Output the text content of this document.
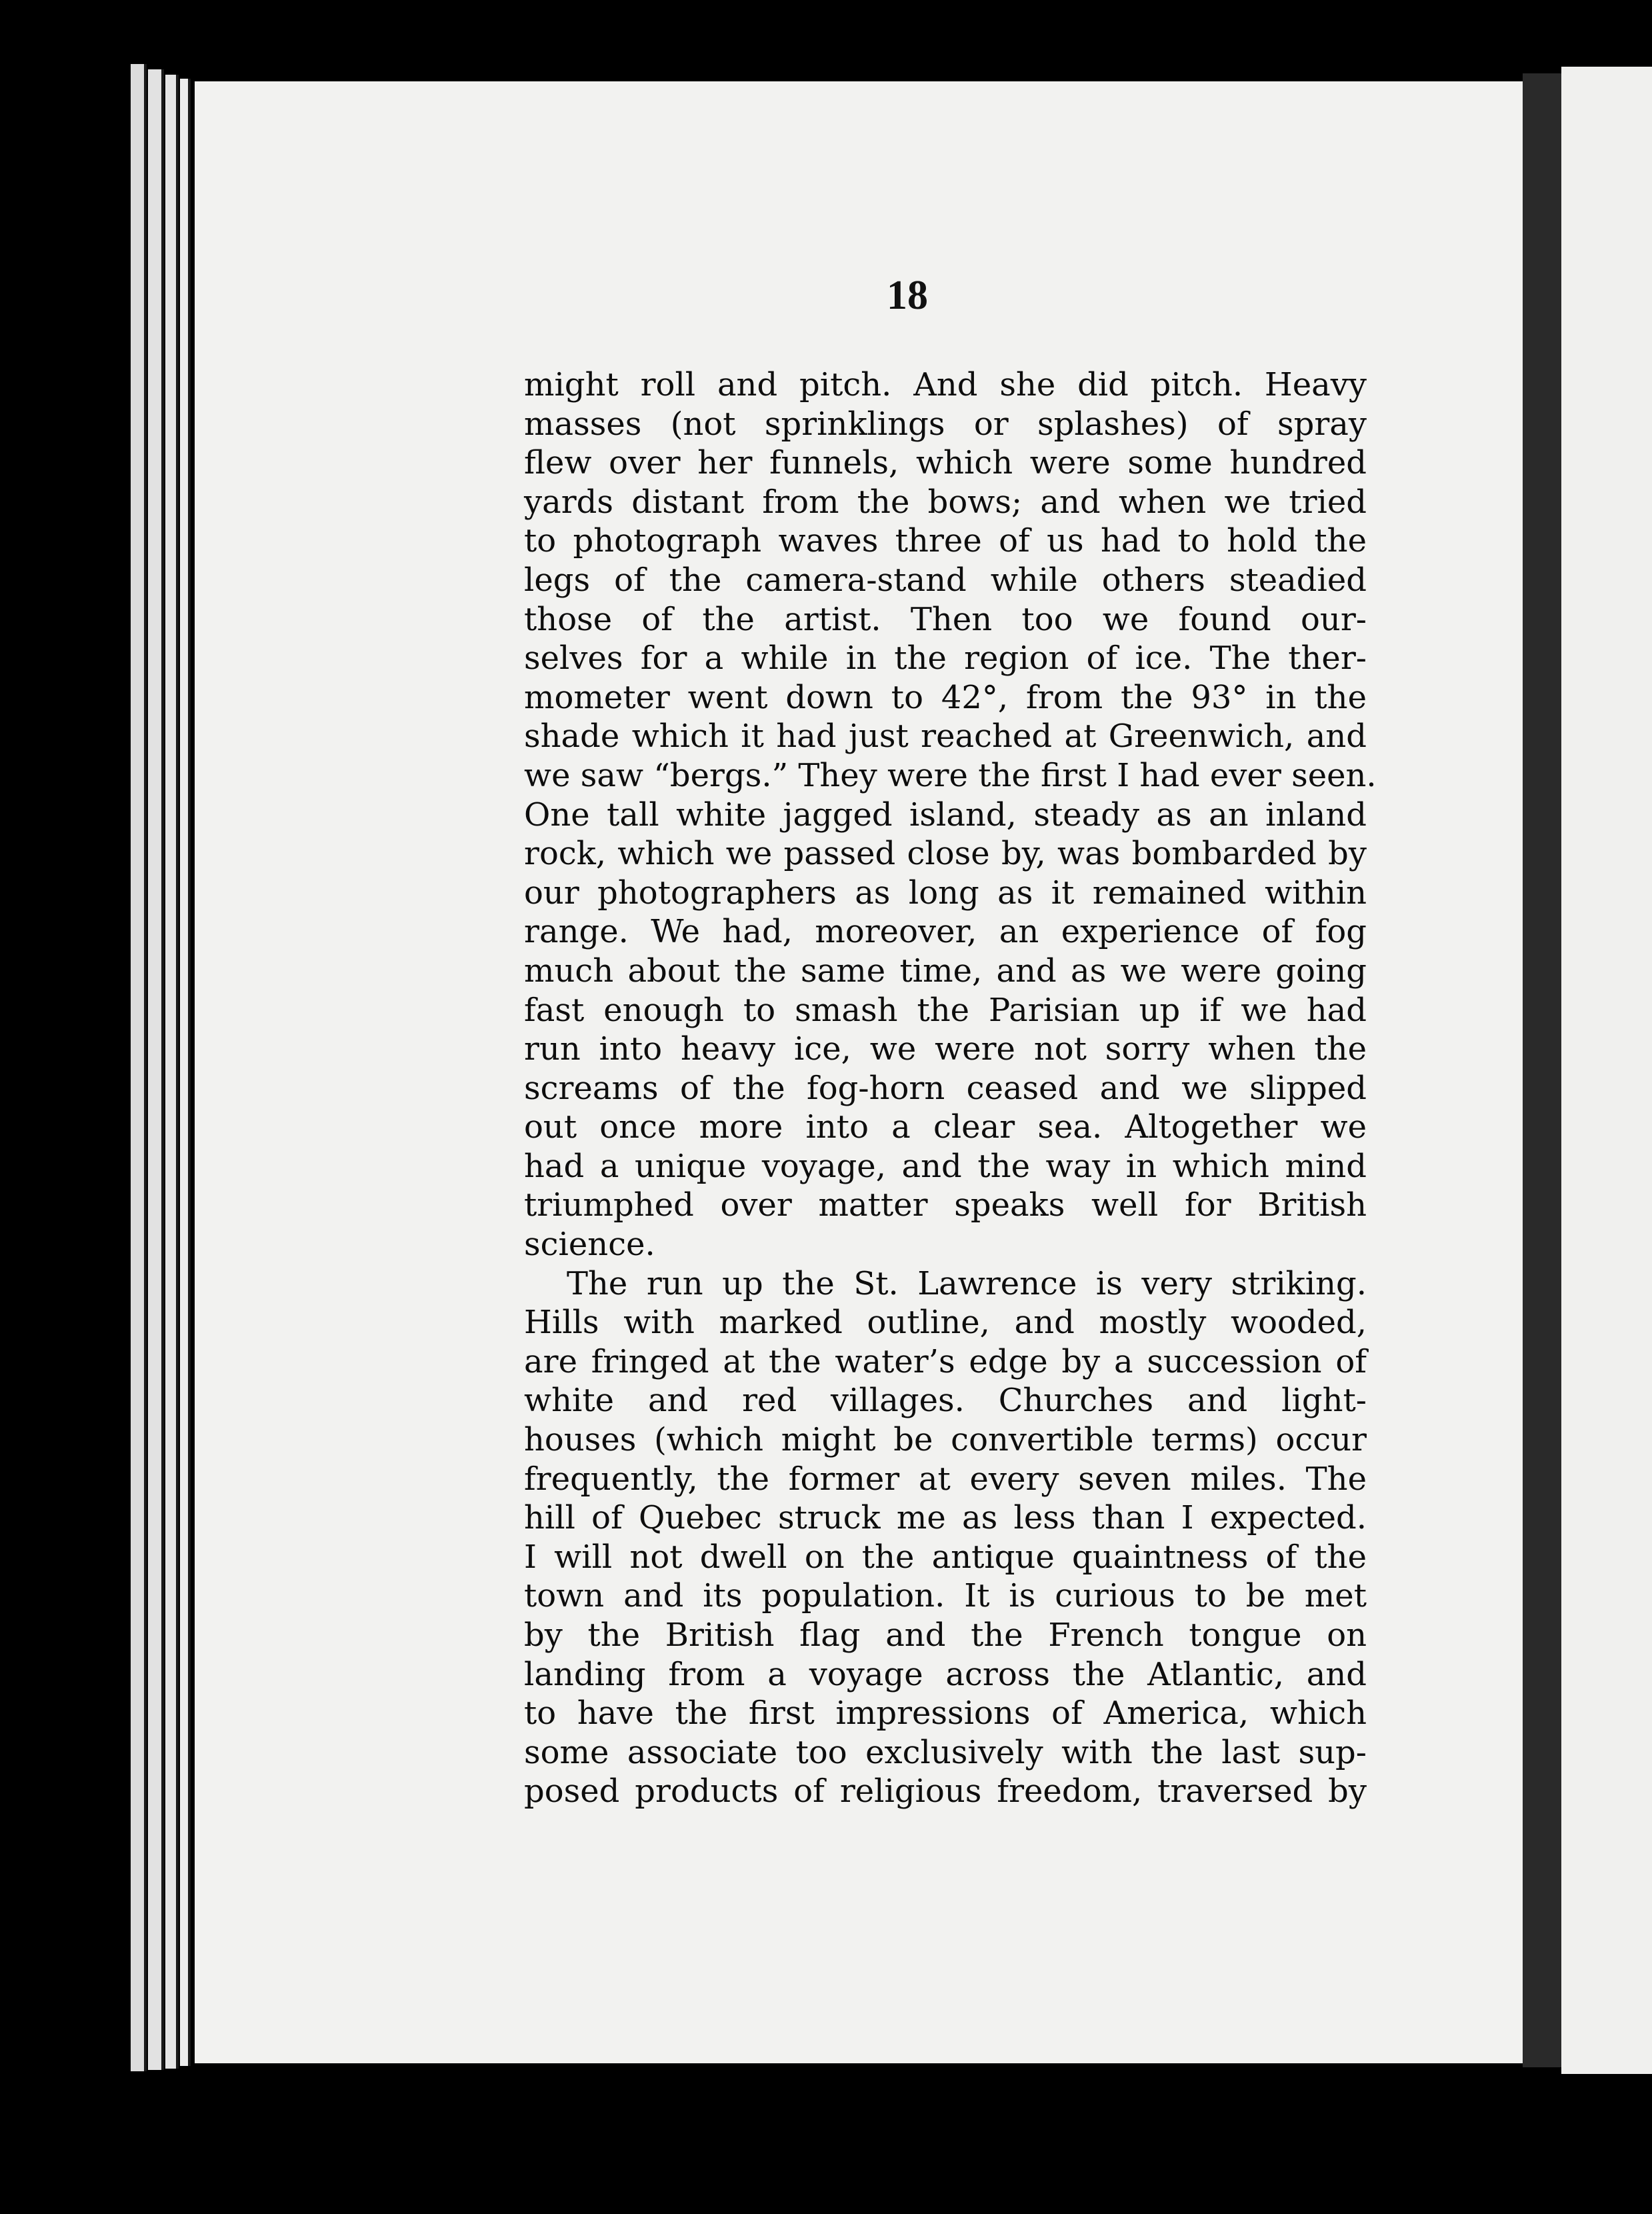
18
might roll and pitch. And she did pitch. Heavy
masses (not sprinklings or splashes) of spray
flew over her funnels, which were some hundred
yards distant from the bows; and when we tried
to photograph waves three of us had to hold the
legs of the camera-stand while others steadied
those of the artist. Then too we found our-
selves for a while in the region of ice. The ther-
mometer went down to 42°, from the 93° in the
shade which it had just reached at Greenwich, and
we saw “bergs.” They were the first I had ever seen.
One tall white jagged island, steady as an inland
rock, which we passed close by, was bombarded by
our photographers as long as it remained within
range. We had, moreover, an experience of fog
much about the same time, and as we were going
fast enough to smash the Parisian up if we had
run into heavy ice, we were not sorry when the
screams of the fog-horn ceased and we slipped
out once more into a clear sea. Altogether we
had a unique voyage, and the way in which mind
triumphed over matter speaks well for British
science.
The run up the St. Lawrence is very striking.
Hills with marked outline, and mostly wooded,
are fringed at the water’s edge by a succession of
white and red villages. Churches and light-
houses (which might be convertible terms) occur
frequently, the former at every seven miles. The
hill of Quebec struck me as less than I expected.
I will not dwell on the antique quaintness of the
town and its population. It is curious to be met
by the British flag and the French tongue on
landing from a voyage across the Atlantic, and
to have the first impressions of America, which
some associate too exclusively with the last sup-
posed products of religious freedom, traversed by
